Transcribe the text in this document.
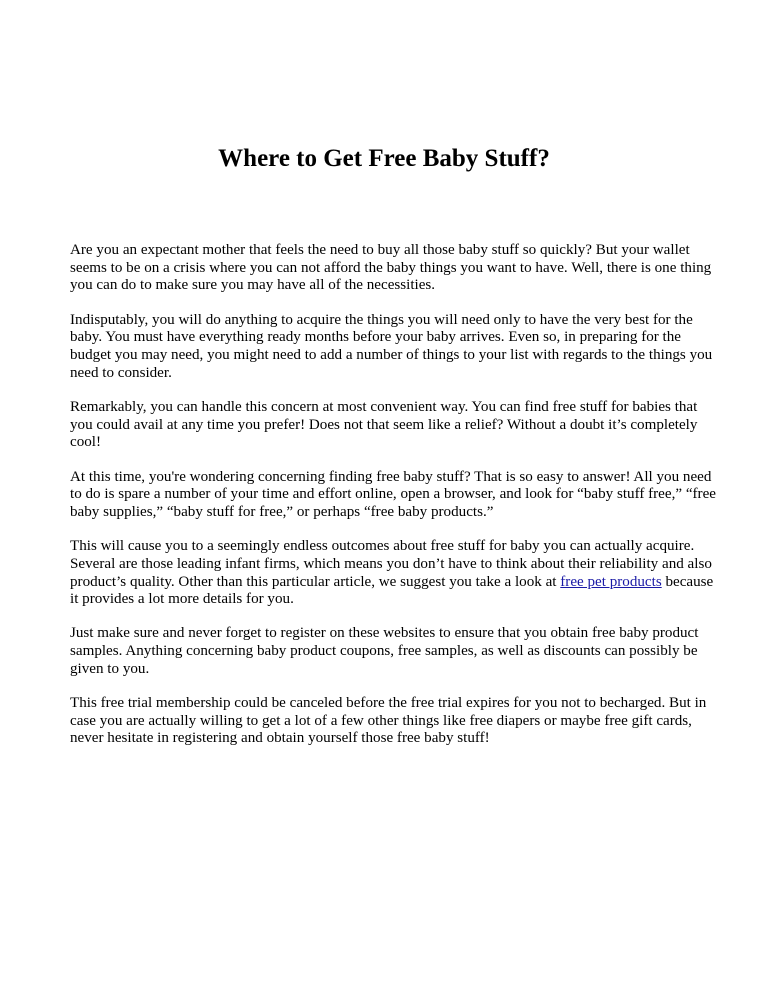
Where to Get Free Baby Stuff?

Are you an expectant mother that feels the need to buy all those baby stuff so quickly? But your wallet seems to be on a crisis where you can not afford the baby things you want to have. Well, there is one thing you can do to make sure you may have all of the necessities.

Indisputably, you will do anything to acquire the things you will need only to have the very best for the baby. You must have everything ready months before your baby arrives. Even so, in preparing for the budget you may need, you might need to add a number of things to your list with regards to the things you need to consider.

Remarkably, you can handle this concern at most convenient way. You can find free stuff for babies that you could avail at any time you prefer! Does not that seem like a relief? Without a doubt it’s completely cool!

At this time, you're wondering concerning finding free baby stuff? That is so easy to answer! All you need to do is spare a number of your time and effort online, open a browser, and look for “baby stuff free,” “free baby supplies,” “baby stuff for free,” or perhaps “free baby products.”

This will cause you to a seemingly endless outcomes about free stuff for baby you can actually acquire. Several are those leading infant firms, which means you don’t have to think about their reliability and also product’s quality. Other than this particular article, we suggest you take a look at free pet products because it provides a lot more details for you.

Just make sure and never forget to register on these websites to ensure that you obtain free baby product samples. Anything concerning baby product coupons, free samples, as well as discounts can possibly be given to you.

This free trial membership could be canceled before the free trial expires for you not to becharged. But in case you are actually willing to get a lot of a few other things like free diapers or maybe free gift cards, never hesitate in registering and obtain yourself those free baby stuff!
